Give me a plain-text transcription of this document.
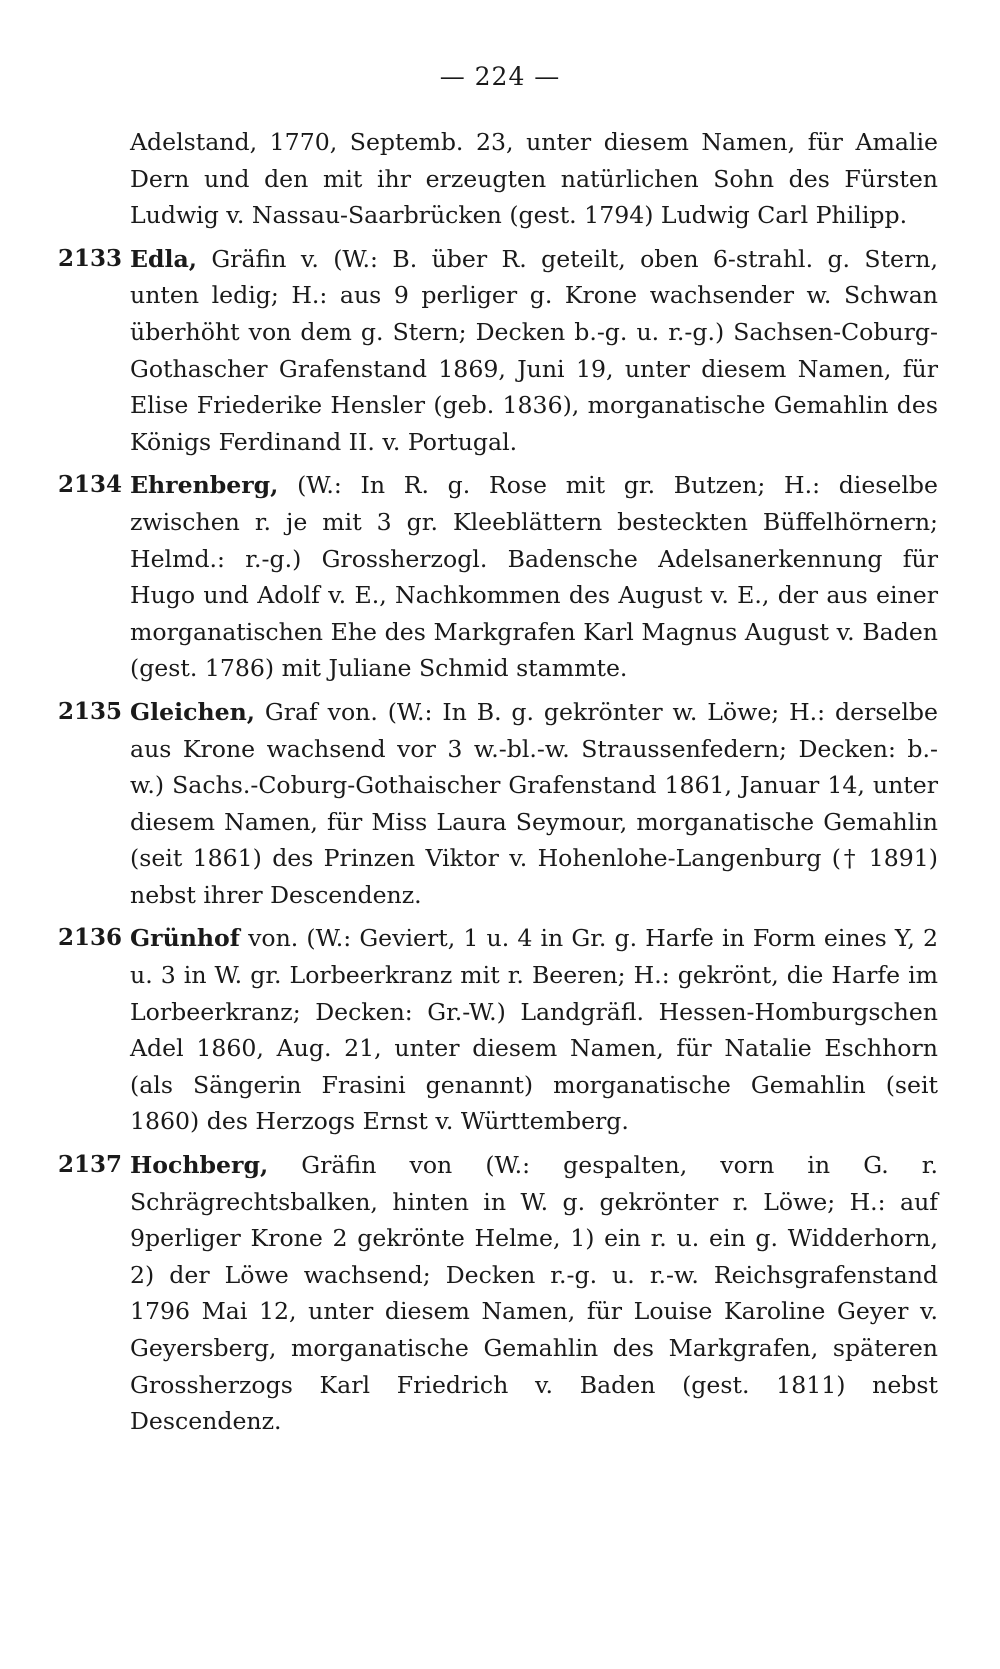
— 224 —

Adelstand, 1770, Septemb. 23, unter diesem Namen, für Amalie Dern und den mit ihr erzeugten natürlichen Sohn des Fürsten Ludwig v. Nassau-Saarbrücken (gest. 1794) Ludwig Carl Philipp.

2133 Edla, Gräfin v. (W.: B. über R. geteilt, oben 6-strahl. g. Stern, unten ledig; H.: aus 9 perliger g. Krone wachsender w. Schwan überhöht von dem g. Stern; Decken b.-g. u. r.-g.) Sachsen-Coburg-Gothascher Grafenstand 1869, Juni 19, unter diesem Namen, für Elise Friederike Hensler (geb. 1836), morganatische Gemahlin des Königs Ferdinand II. v. Portugal.

2134 Ehrenberg, (W.: In R. g. Rose mit gr. Butzen; H.: dieselbe zwischen r. je mit 3 gr. Kleeblättern besteckten Büffelhörnern; Helmd.: r.-g.) Grossherzogl. Badensche Adelsanerkennung für Hugo und Adolf v. E., Nachkommen des August v. E., der aus einer morganatischen Ehe des Markgrafen Karl Magnus August v. Baden (gest. 1786) mit Juliane Schmid stammte.

2135 Gleichen, Graf von. (W.: In B. g. gekrönter w. Löwe; H.: derselbe aus Krone wachsend vor 3 w.-bl.-w. Straussenfedern; Decken: b.-w.) Sachs.-Coburg-Gothaischer Grafenstand 1861, Januar 14, unter diesem Namen, für Miss Laura Seymour, morganatische Gemahlin (seit 1861) des Prinzen Viktor v. Hohenlohe-Langenburg († 1891) nebst ihrer Descendenz.

2136 Grünhof von. (W.: Geviert, 1 u. 4 in Gr. g. Harfe in Form eines Y, 2 u. 3 in W. gr. Lorbeerkranz mit r. Beeren; H.: gekrönt, die Harfe im Lorbeerkranz; Decken: Gr.-W.) Landgräfl. Hessen-Homburgschen Adel 1860, Aug. 21, unter diesem Namen, für Natalie Eschhorn (als Sängerin Frasini genannt) morganatische Gemahlin (seit 1860) des Herzogs Ernst v. Württemberg.

2137 Hochberg, Gräfin von (W.: gespalten, vorn in G. r. Schrägrechtsbalken, hinten in W. g. gekrönter r. Löwe; H.: auf 9perliger Krone 2 gekrönte Helme, 1) ein r. u. ein g. Widderhorn, 2) der Löwe wachsend; Decken r.-g. u. r.-w. Reichsgrafenstand 1796 Mai 12, unter diesem Namen, für Louise Karoline Geyer v. Geyersberg, morganatische Gemahlin des Markgrafen, späteren Grossherzogs Karl Friedrich v. Baden (gest. 1811) nebst Descendenz.
